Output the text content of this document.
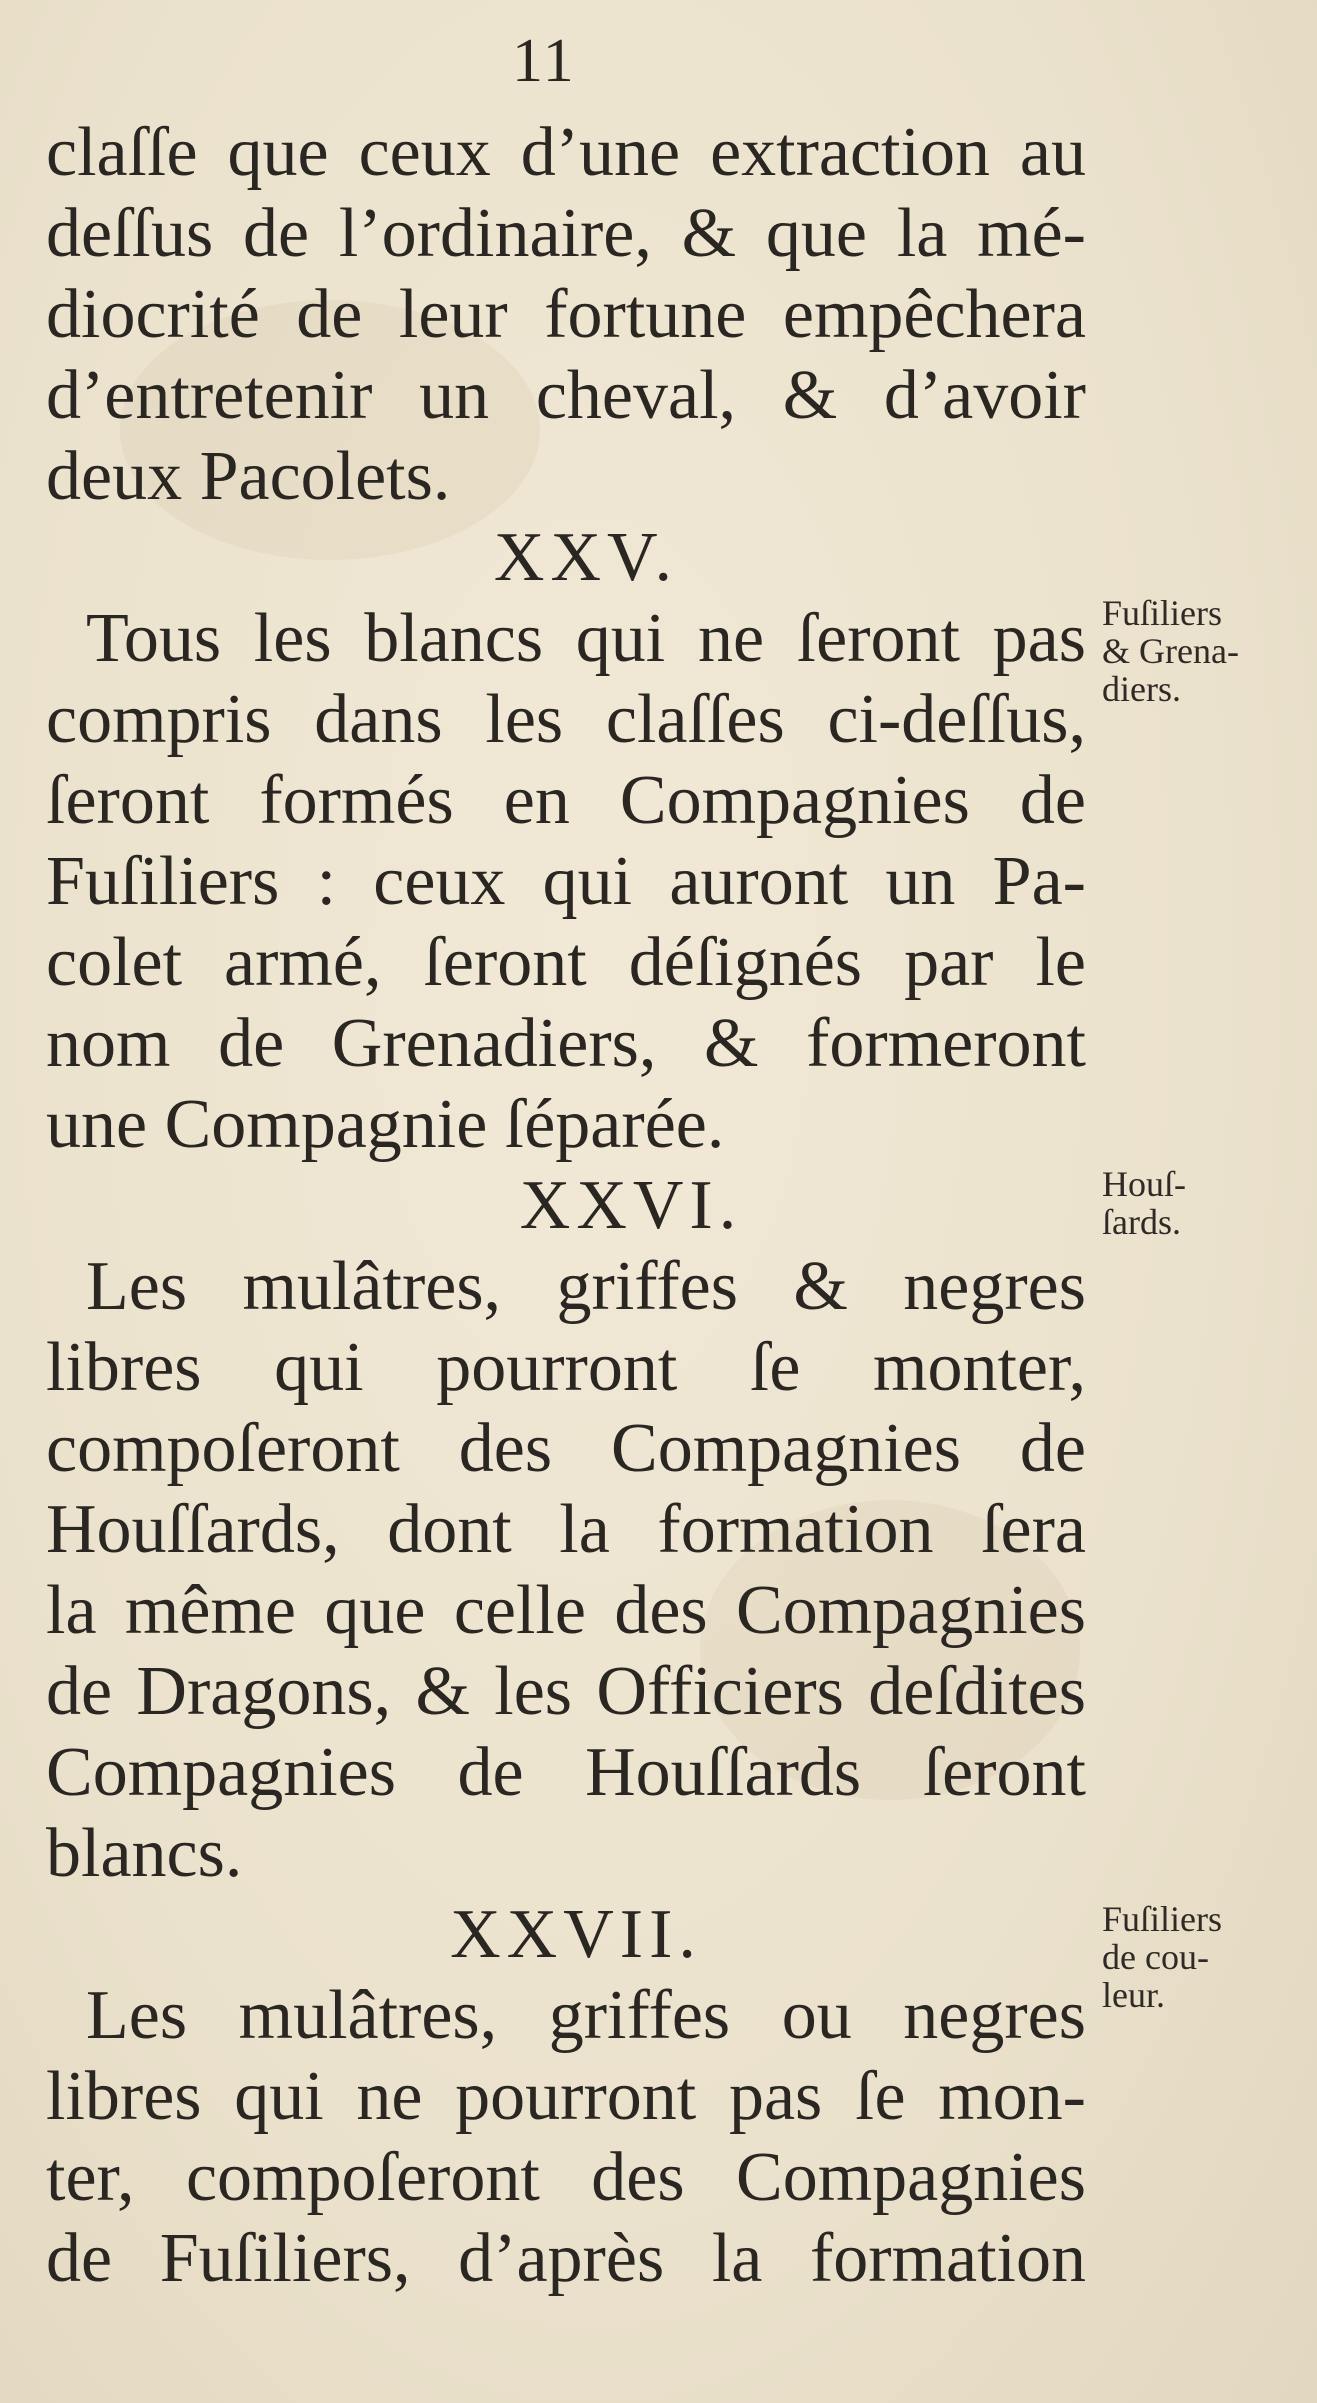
11
claſſe que ceux d’une extraction au
deſſus de l’ordinaire, & que la mé-
diocrité de leur fortune empêchera
d’entretenir un cheval, & d’avoir
deux Pacolets.
XXV.
Tous les blancs qui ne ſeront pas
compris dans les claſſes ci-deſſus,
ſeront formés en Compagnies de
Fuſiliers : ceux qui auront un Pa-
colet armé, ſeront déſignés par le
nom de Grenadiers, & formeront
une Compagnie ſéparée.
XXVI.
Les mulâtres, griffes & negres
libres qui pourront ſe monter,
compoſeront des Compagnies de
Houſſards, dont la formation ſera
la même que celle des Compagnies
de Dragons, & les Officiers deſdites
Compagnies de Houſſards ſeront
blancs.
XXVII.
Les mulâtres, griffes ou negres
libres qui ne pourront pas ſe mon-
ter, compoſeront des Compagnies
de Fuſiliers, d’après la formation
Fuſiliers
& Grena-
diers.
Houſ-
ſards.
Fuſiliers
de cou-
leur.
